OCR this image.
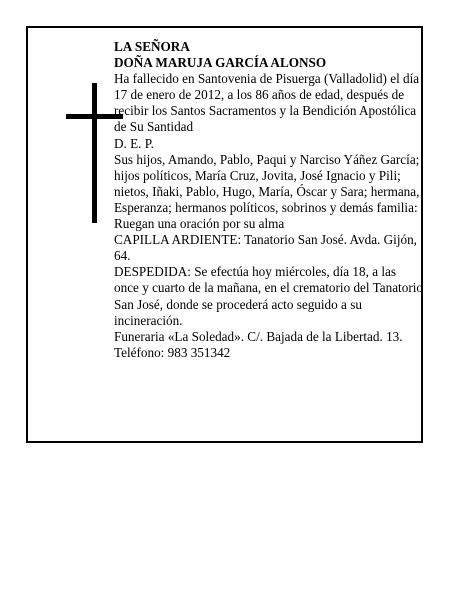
LA SEÑORA

DOÑA MARUJA GARCÍA ALONSO

Ha fallecido en Santovenia de Pisuerga (Valladolid) el día 17 de enero de 2012, a los 86 años de edad, después de recibir los Santos Sacramentos y la Bendición Apostólica de Su Santidad

D. E. P.

Sus hijos, Amando, Pablo, Paqui y Narciso Yáñez García; hijos políticos, María Cruz, Jovita, José Ignacio y Pili; nietos, Iñaki, Pablo, Hugo, María, Óscar y Sara; hermana, Esperanza; hermanos políticos, sobrinos y demás familia:

Ruegan una oración por su alma

CAPILLA ARDIENTE: Tanatorio San José. Avda. Gijón, 64.

DESPEDIDA: Se efectúa hoy miércoles, día 18, a las once y cuarto de la mañana, en el crematorio del Tanatorio San José, donde se procederá acto seguido a su incineración.

Funeraria «La Soledad». C/. Bajada de la Libertad. 13. Teléfono: 983 351342
